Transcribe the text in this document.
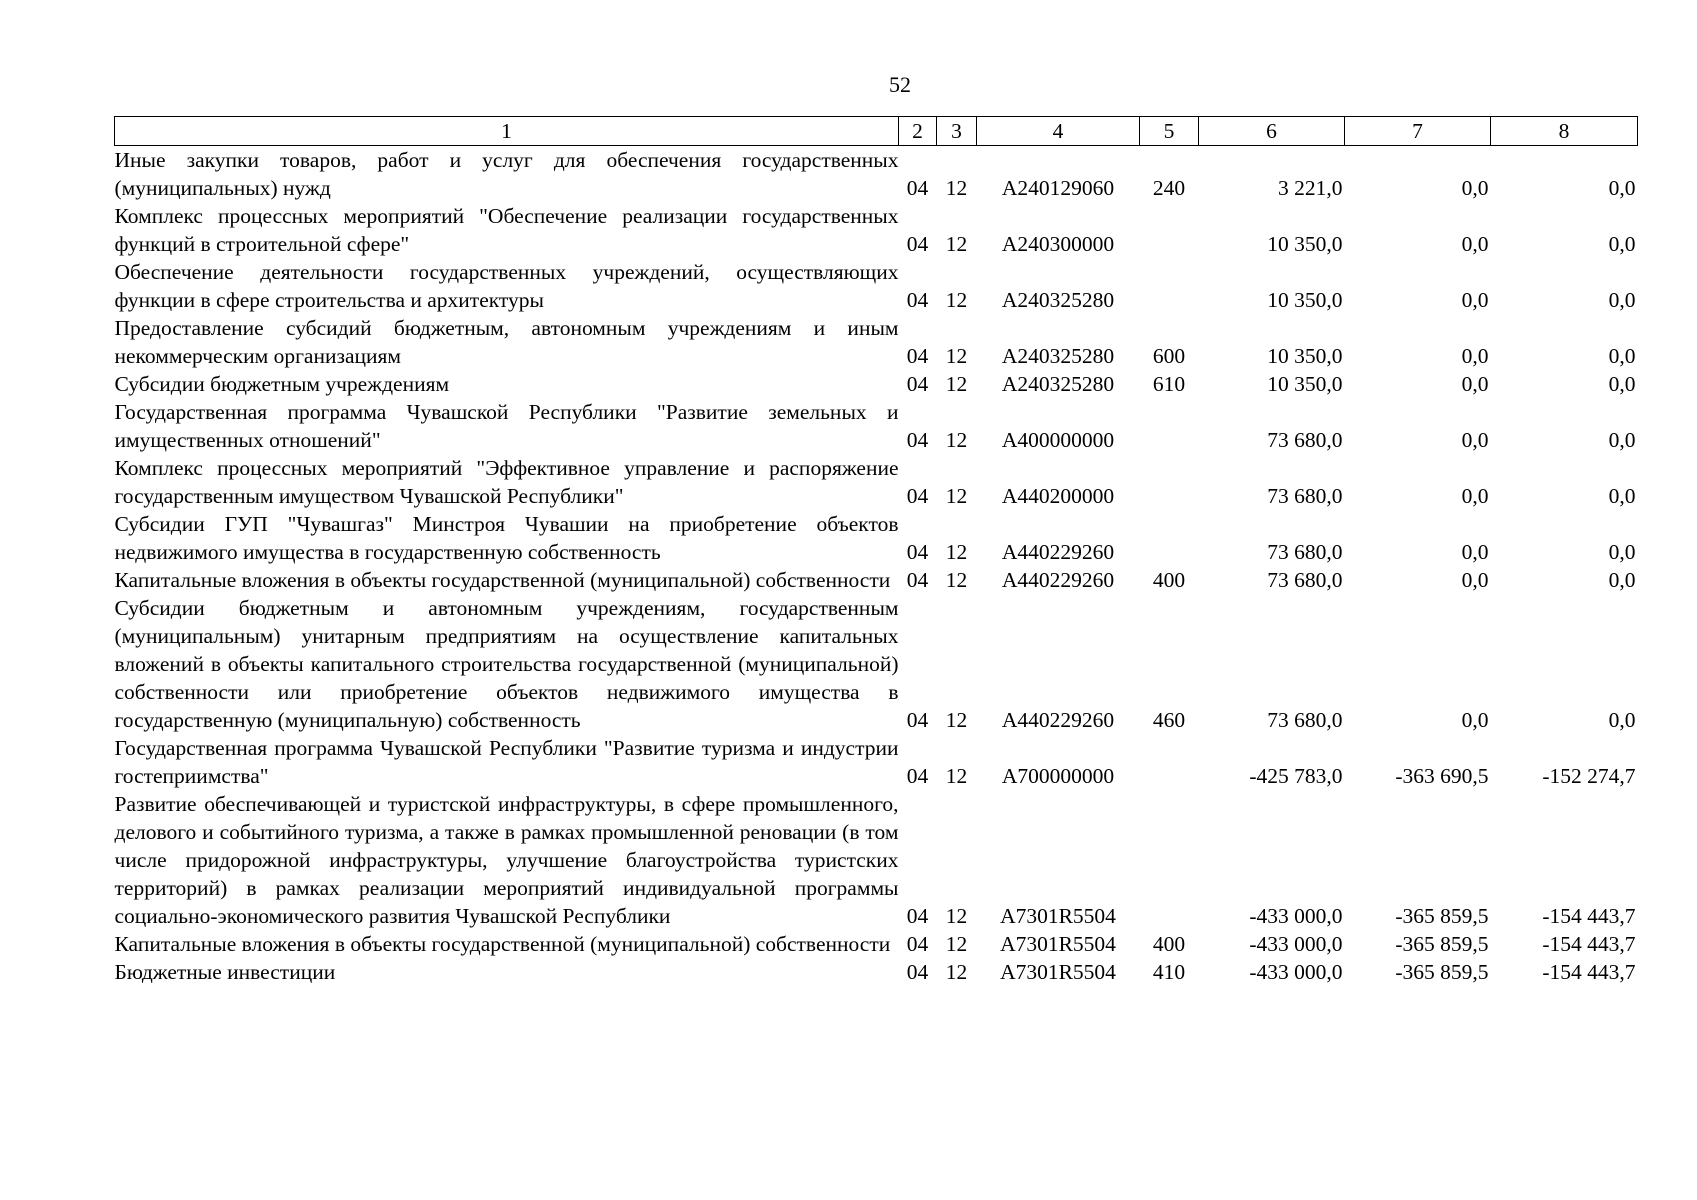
52
1	2	3	4	5	6	7	8

Иные закупки товаров, работ и услуг для обеспечения государственных (муниципальных) нужд	04	12	А240129060	240	3 221,0	0,0	0,0

Комплекс процессных мероприятий "Обеспечение реализации государственных функций в строительной сфере"	04	12	А240300000		10 350,0	0,0	0,0

Обеспечение деятельности государственных учреждений, осуществляющих функции в сфере строительства и архитектуры	04	12	А240325280		10 350,0	0,0	0,0

Предоставление субсидий бюджетным, автономным учреждениям и иным некоммерческим организациям	04	12	А240325280	600	10 350,0	0,0	0,0

Субсидии бюджетным учреждениям	04	12	А240325280	610	10 350,0	0,0	0,0

Государственная программа Чувашской Республики "Развитие земельных и имущественных отношений"	04	12	А400000000		73 680,0	0,0	0,0

Комплекс процессных мероприятий "Эффективное управление и распоряжение государственным имуществом Чувашской Республики"	04	12	А440200000		73 680,0	0,0	0,0

Субсидии ГУП "Чувашгаз" Минстроя Чувашии на приобретение объектов недвижимого имущества в государственную собственность	04	12	А440229260		73 680,0	0,0	0,0

Капитальные вложения в объекты государственной (муниципальной) собственности	04	12	А440229260	400	73 680,0	0,0	0,0

Субсидии бюджетным и автономным учреждениям, государственным (муниципальным) унитарным предприятиям на осуществление капитальных вложений в объекты капитального строительства государственной (муниципальной) собственности или приобретение объектов недвижимого имущества в государственную (муниципальную) собственность	04	12	А440229260	460	73 680,0	0,0	0,0

Государственная программа Чувашской Республики "Развитие туризма и индустрии гостеприимства"	04	12	А700000000		-425 783,0	-363 690,5	-152 274,7

Развитие обеспечивающей и туристской инфраструктуры, в сфере промышленного, делового и событийного туризма, а также в рамках промышленной реновации (в том числе придорожной инфраструктуры, улучшение благоустройства туристских территорий) в рамках реализации мероприятий индивидуальной программы социально-экономического развития Чувашской Республики	04	12	А7301R5504		-433 000,0	-365 859,5	-154 443,7

Капитальные вложения в объекты государственной (муниципальной) собственности	04	12	А7301R5504	400	-433 000,0	-365 859,5	-154 443,7

Бюджетные инвестиции	04	12	А7301R5504	410	-433 000,0	-365 859,5	-154 443,7
